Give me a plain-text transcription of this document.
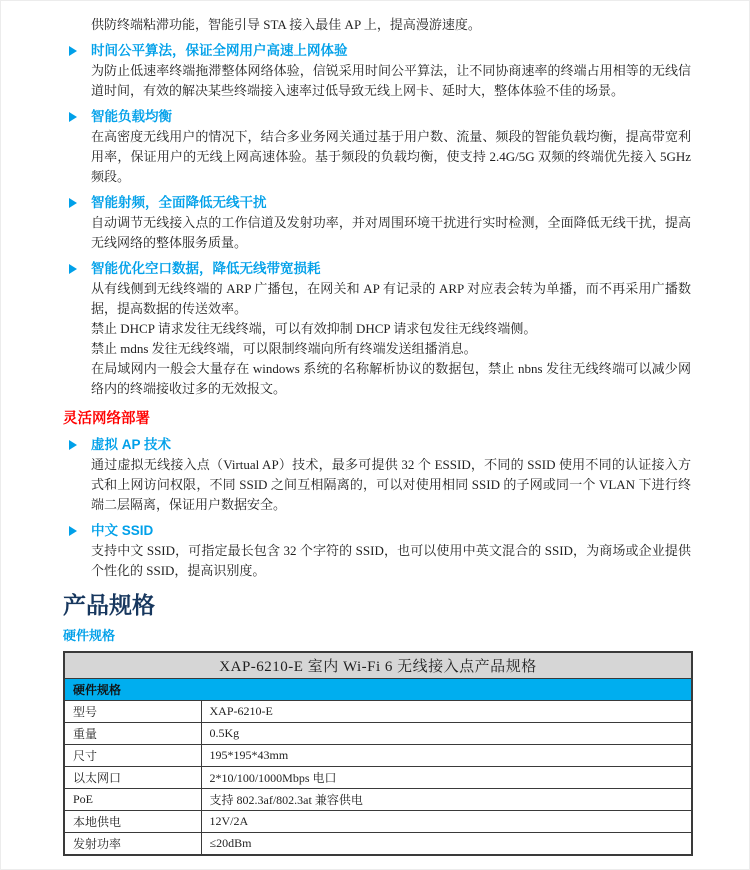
供防终端粘滞功能，智能引导 STA 接入最佳 AP 上，提高漫游速度。

时间公平算法，保证全网用户高速上网体验

为防止低速率终端拖滞整体网络体验，信锐采用时间公平算法，让不同协商速率的终端占用相等的无线信道时间，有效的解决某些终端接入速率过低导致无线上网卡、延时大，整体体验不佳的场景。

智能负载均衡

在高密度无线用户的情况下，结合多业务网关通过基于用户数、流量、频段的智能负载均衡，提高带宽利用率，保证用户的无线上网高速体验。基于频段的负载均衡，使支持 2.4G/5G 双频的终端优先接入 5GHz 频段。

智能射频，全面降低无线干扰

自动调节无线接入点的工作信道及发射功率，并对周围环境干扰进行实时检测，全面降低无线干扰，提高无线网络的整体服务质量。

智能优化空口数据，降低无线带宽损耗

从有线侧到无线终端的 ARP 广播包，在网关和 AP 有记录的 ARP 对应表会转为单播，而不再采用广播数据，提高数据的传送效率。

禁止 DHCP 请求发往无线终端，可以有效抑制 DHCP 请求包发往无线终端侧。

禁止 mdns 发往无线终端，可以限制终端向所有终端发送组播消息。

在局域网内一般会大量存在 windows 系统的名称解析协议的数据包，禁止 nbns 发往无线终端可以减少网络内的终端接收过多的无效报文。

灵活网络部署
虚拟 AP 技术

通过虚拟无线接入点（Virtual AP）技术，最多可提供 32 个 ESSID，不同的 SSID 使用不同的认证接入方式和上网访问权限，不同 SSID 之间互相隔离的，可以对使用相同 SSID 的子网或同一个 VLAN 下进行终端二层隔离，保证用户数据安全。

中文 SSID

支持中文 SSID，可指定最长包含 32 个字符的 SSID，也可以使用中英文混合的 SSID，为商场或企业提供个性化的 SSID，提高识别度。

产品规格
硬件规格
XAP-6210-E 室内 Wi-Fi 6 无线接入点产品规格	
硬件规格	
型号	XAP-6210-E
重量	0.5Kg
尺寸	195*195*43mm
以太网口	2*10/100/1000Mbps 电口
PoE	支持 802.3af/802.3at 兼容供电
本地供电	12V/2A
发射功率	≤20dBm
